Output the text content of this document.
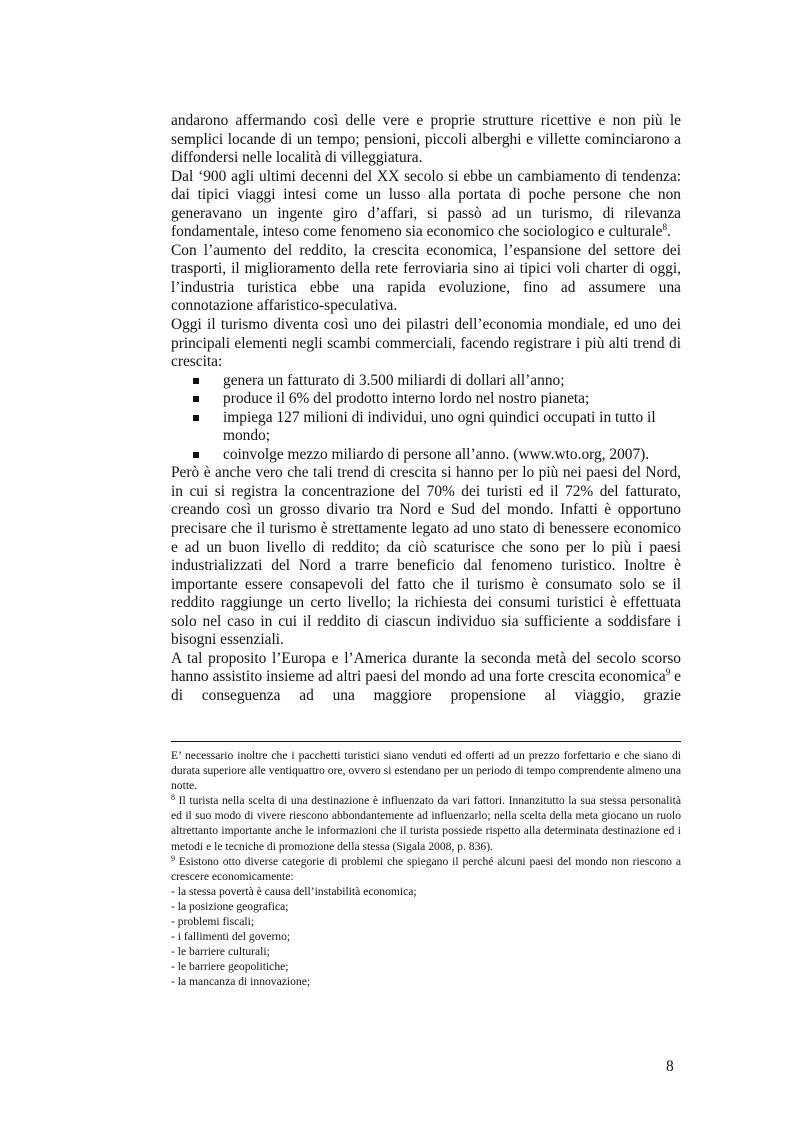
andarono affermando così delle vere e proprie strutture ricettive e non più le semplici locande di un tempo; pensioni, piccoli alberghi e villette cominciarono a diffondersi nelle località di villeggiatura.

Dal ‘900 agli ultimi decenni del XX secolo si ebbe un cambiamento di tendenza: dai tipici viaggi intesi come un lusso alla portata di poche persone che non generavano un ingente giro d’affari, si passò ad un turismo, di rilevanza fondamentale, inteso come fenomeno sia economico che sociologico e culturale$^8$.

Con l’aumento del reddito, la crescita economica, l’espansione del settore dei trasporti, il miglioramento della rete ferroviaria sino ai tipici voli charter di oggi, l’industria turistica ebbe una rapida evoluzione, fino ad assumere una connotazione affaristico-speculativa.

Oggi il turismo diventa così uno dei pilastri dell’economia mondiale, ed uno dei principali elementi negli scambi commerciali, facendo registrare i più alti trend di crescita:

genera un fatturato di 3.500 miliardi di dollari all’anno;
produce il 6% del prodotto interno lordo nel nostro pianeta;
impiega 127 milioni di individui, uno ogni quindici occupati in tutto il mondo;
coinvolge mezzo miliardo di persone all’anno. (www.wto.org, 2007).

Però è anche vero che tali trend di crescita si hanno per lo più nei paesi del Nord, in cui si registra la concentrazione del 70% dei turisti ed il 72% del fatturato, creando così un grosso divario tra Nord e Sud del mondo. Infatti è opportuno precisare che il turismo è strettamente legato ad uno stato di benessere economico e ad un buon livello di reddito; da ciò scaturisce che sono per lo più i paesi industrializzati del Nord a trarre beneficio dal fenomeno turistico. Inoltre è importante essere consapevoli del fatto che il turismo è consumato solo se il reddito raggiunge un certo livello; la richiesta dei consumi turistici è effettuata solo nel caso in cui il reddito di ciascun individuo sia sufficiente a soddisfare i bisogni essenziali.

A tal proposito l’Europa e l’America durante la seconda metà del secolo scorso hanno assistito insieme ad altri paesi del mondo ad una forte crescita economica$^9$ e di conseguenza ad una maggiore propensione al viaggio, grazie

E’ necessario inoltre che i pacchetti turistici siano venduti ed offerti ad un prezzo forfettario e che siano di durata superiore alle ventiquattro ore, ovvero si estendano per un periodo di tempo comprendente almeno una notte.

$^8$ Il turista nella scelta di una destinazione è influenzato da vari fattori. Innanzitutto la sua stessa personalità ed il suo modo di vivere riescono abbondantemente ad influenzarlo; nella scelta della meta giocano un ruolo altrettanto importante anche le informazioni che il turista possiede rispetto alla determinata destinazione ed i metodi e le tecniche di promozione della stessa (Sigala 2008, p. 836).

$^9$ Esistono otto diverse categorie di problemi che spiegano il perché alcuni paesi del mondo non riescono a crescere economicamente:

- la stessa povertà è causa dell’instabilità economica;
- la posizione geografica;
- problemi fiscali;
- i fallimenti del governo;
- le barriere culturali;
- le barriere geopolitiche;
- la mancanza di innovazione;
8
